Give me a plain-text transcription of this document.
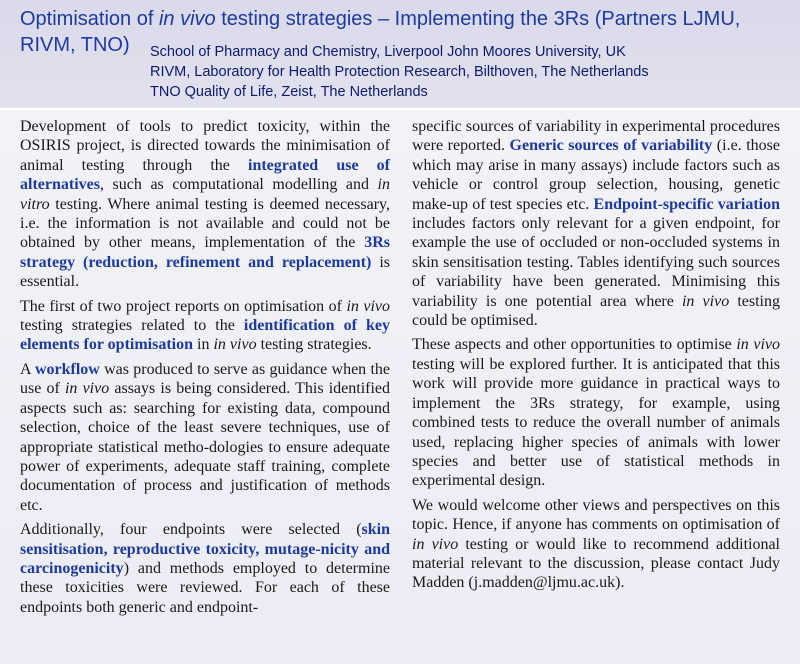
Optimisation of in vivo testing strategies – Implementing the 3Rs (Partners LJMU, RIVM, TNO)	School of Pharmacy and Chemistry, Liverpool John Moores University, UK
RIVM, Laboratory for Health Protection Research, Bilthoven, The Netherlands
TNO Quality of Life, Zeist, The Netherlands

Development of tools to predict toxicity, within the OSIRIS project, is directed towards the minimisation of animal testing through the integrated use of alternatives, such as computational modelling and in vitro testing. Where animal testing is deemed necessary, i.e. the information is not available and could not be obtained by other means, implementation of the 3Rs strategy (reduction, refinement and replacement) is essential.

The first of two project reports on optimisation of in vivo testing strategies related to the identification of key elements for optimisation in in vivo testing strategies.

A workflow was produced to serve as guidance when the use of in vivo assays is being considered. This identified aspects such as: searching for existing data, compound selection, choice of the least severe techniques, use of appropriate statistical metho-dologies to ensure adequate power of experiments, adequate staff training, complete documentation of process and justification of methods etc.

Additionally, four endpoints were selected (skin sensitisation, reproductive toxicity, mutage-nicity and carcinogenicity) and methods employed to determine these toxicities were reviewed. For each of these endpoints both generic and endpoint-

specific sources of variability in experimental procedures were reported. Generic sources of variability (i.e. those which may arise in many assays) include factors such as vehicle or control group selection, housing, genetic make-up of test species etc. Endpoint-specific variation includes factors only relevant for a given endpoint, for example the use of occluded or non-occluded systems in skin sensitisation testing. Tables identifying such sources of variability have been generated. Minimising this variability is one potential area where in vivo testing could be optimised.

These aspects and other opportunities to optimise in vivo testing will be explored further. It is anticipated that this work will provide more guidance in practical ways to implement the 3Rs strategy, for example, using combined tests to reduce the overall number of animals used, replacing higher species of animals with lower species and better use of statistical methods in experimental design.

We would welcome other views and perspectives on this topic. Hence, if anyone has comments on optimisation of in vivo testing or would like to recommend additional material relevant to the discussion, please contact Judy Madden (j.madden@ljmu.ac.uk).
